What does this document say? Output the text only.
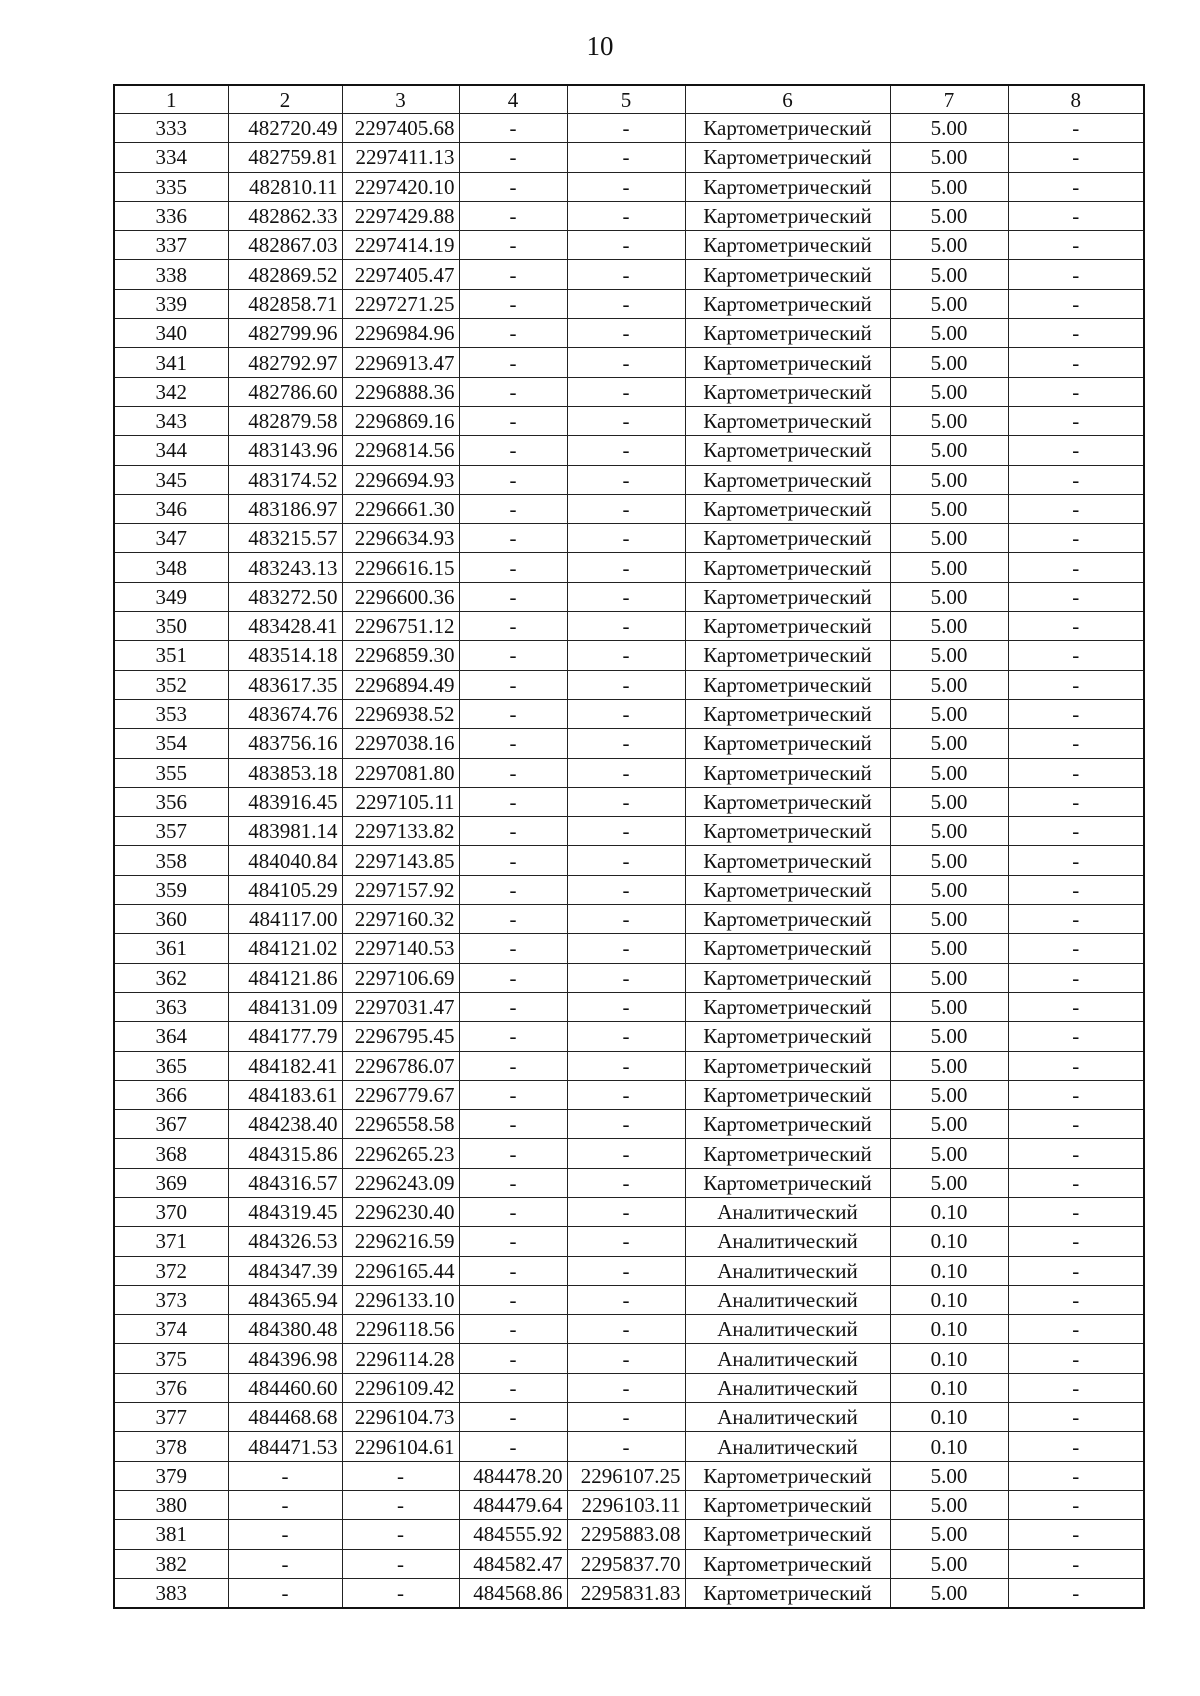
10
1	2	3	4	5	6	7	8
333	482720.49	2297405.68	-	-	Картометрический	5.00	-
334	482759.81	2297411.13	-	-	Картометрический	5.00	-
335	482810.11	2297420.10	-	-	Картометрический	5.00	-
336	482862.33	2297429.88	-	-	Картометрический	5.00	-
337	482867.03	2297414.19	-	-	Картометрический	5.00	-
338	482869.52	2297405.47	-	-	Картометрический	5.00	-
339	482858.71	2297271.25	-	-	Картометрический	5.00	-
340	482799.96	2296984.96	-	-	Картометрический	5.00	-
341	482792.97	2296913.47	-	-	Картометрический	5.00	-
342	482786.60	2296888.36	-	-	Картометрический	5.00	-
343	482879.58	2296869.16	-	-	Картометрический	5.00	-
344	483143.96	2296814.56	-	-	Картометрический	5.00	-
345	483174.52	2296694.93	-	-	Картометрический	5.00	-
346	483186.97	2296661.30	-	-	Картометрический	5.00	-
347	483215.57	2296634.93	-	-	Картометрический	5.00	-
348	483243.13	2296616.15	-	-	Картометрический	5.00	-
349	483272.50	2296600.36	-	-	Картометрический	5.00	-
350	483428.41	2296751.12	-	-	Картометрический	5.00	-
351	483514.18	2296859.30	-	-	Картометрический	5.00	-
352	483617.35	2296894.49	-	-	Картометрический	5.00	-
353	483674.76	2296938.52	-	-	Картометрический	5.00	-
354	483756.16	2297038.16	-	-	Картометрический	5.00	-
355	483853.18	2297081.80	-	-	Картометрический	5.00	-
356	483916.45	2297105.11	-	-	Картометрический	5.00	-
357	483981.14	2297133.82	-	-	Картометрический	5.00	-
358	484040.84	2297143.85	-	-	Картометрический	5.00	-
359	484105.29	2297157.92	-	-	Картометрический	5.00	-
360	484117.00	2297160.32	-	-	Картометрический	5.00	-
361	484121.02	2297140.53	-	-	Картометрический	5.00	-
362	484121.86	2297106.69	-	-	Картометрический	5.00	-
363	484131.09	2297031.47	-	-	Картометрический	5.00	-
364	484177.79	2296795.45	-	-	Картометрический	5.00	-
365	484182.41	2296786.07	-	-	Картометрический	5.00	-
366	484183.61	2296779.67	-	-	Картометрический	5.00	-
367	484238.40	2296558.58	-	-	Картометрический	5.00	-
368	484315.86	2296265.23	-	-	Картометрический	5.00	-
369	484316.57	2296243.09	-	-	Картометрический	5.00	-
370	484319.45	2296230.40	-	-	Аналитический	0.10	-
371	484326.53	2296216.59	-	-	Аналитический	0.10	-
372	484347.39	2296165.44	-	-	Аналитический	0.10	-
373	484365.94	2296133.10	-	-	Аналитический	0.10	-
374	484380.48	2296118.56	-	-	Аналитический	0.10	-
375	484396.98	2296114.28	-	-	Аналитический	0.10	-
376	484460.60	2296109.42	-	-	Аналитический	0.10	-
377	484468.68	2296104.73	-	-	Аналитический	0.10	-
378	484471.53	2296104.61	-	-	Аналитический	0.10	-
379	-	-	484478.20	2296107.25	Картометрический	5.00	-
380	-	-	484479.64	2296103.11	Картометрический	5.00	-
381	-	-	484555.92	2295883.08	Картометрический	5.00	-
382	-	-	484582.47	2295837.70	Картометрический	5.00	-
383	-	-	484568.86	2295831.83	Картометрический	5.00	-
